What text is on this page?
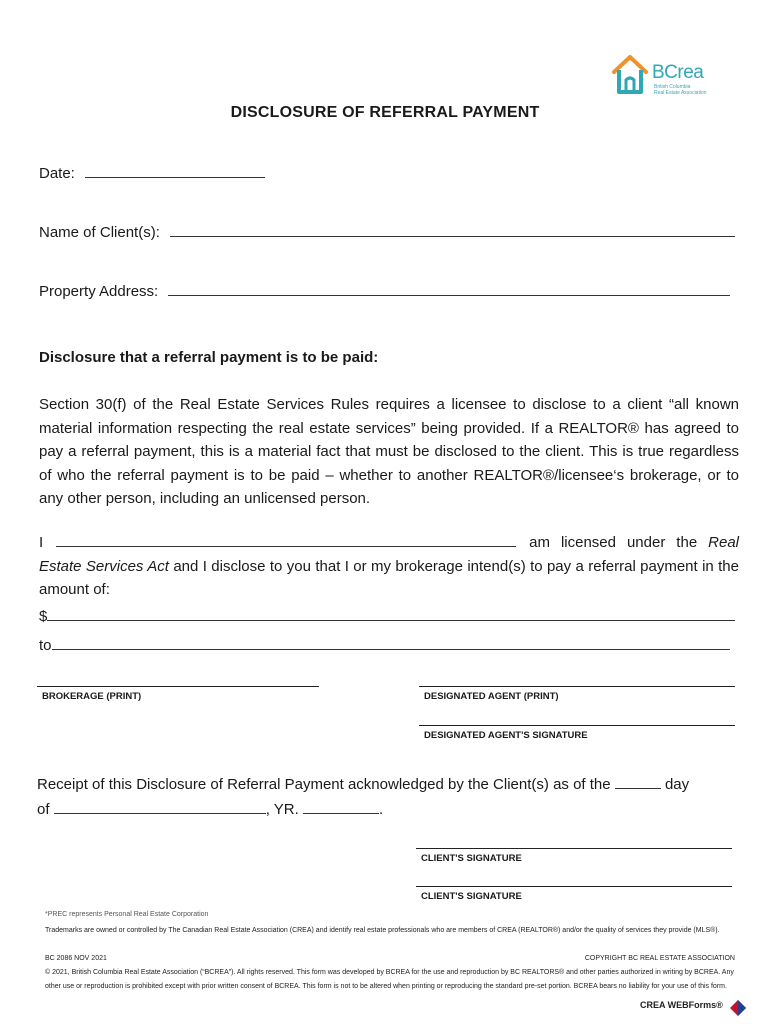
BCrea
British Columbia
Real Estate Association
DISCLOSURE OF REFERRAL PAYMENT
Date:
Name of Client(s):
Property Address:
Disclosure that a referral payment is to be paid:
Section 30(f) of the Real Estate Services Rules requires a licensee to disclose to a client “all known material information respecting the real estate services” being provided. If a REALTOR® has agreed to pay a referral payment, this is a material fact that must be disclosed to the client. This is true regardless of who the referral payment is to be paid – whether to another REALTOR®/licensee‘s brokerage, or to any other person, including an unlicensed person.
I	am licensed under the Real Estate Services Act and I disclose to you that I or my brokerage intend(s) to pay a referral payment in the amount of:
$
to
BROKERAGE (PRINT)	DESIGNATED AGENT (PRINT)
DESIGNATED AGENT'S SIGNATURE
Receipt of this Disclosure of Referral Payment acknowledged by the Client(s) as of the	day
of	, YR.	.
CLIENT'S SIGNATURE
CLIENT'S SIGNATURE
*PREC represents Personal Real Estate Corporation
Trademarks are owned or controlled by The Canadian Real Estate Association (CREA) and identify real estate professionals who are members of CREA (REALTOR®) and/or the quality of services they provide (MLS®).
BC 2086 NOV 2021	COPYRIGHT BC REAL ESTATE ASSOCIATION
© 2021, British Columbia Real Estate Association (“BCREA”). All rights reserved. This form was developed by BCREA for the use and reproduction by BC REALTORS® and other parties authorized in writing by BCREA. Any other use or reproduction is prohibited except with prior written consent of BCREA. This form is not to be altered when printing or reproducing the standard pre-set portion. BCREA bears no liability for your use of this form.
CREA WEBForms®
